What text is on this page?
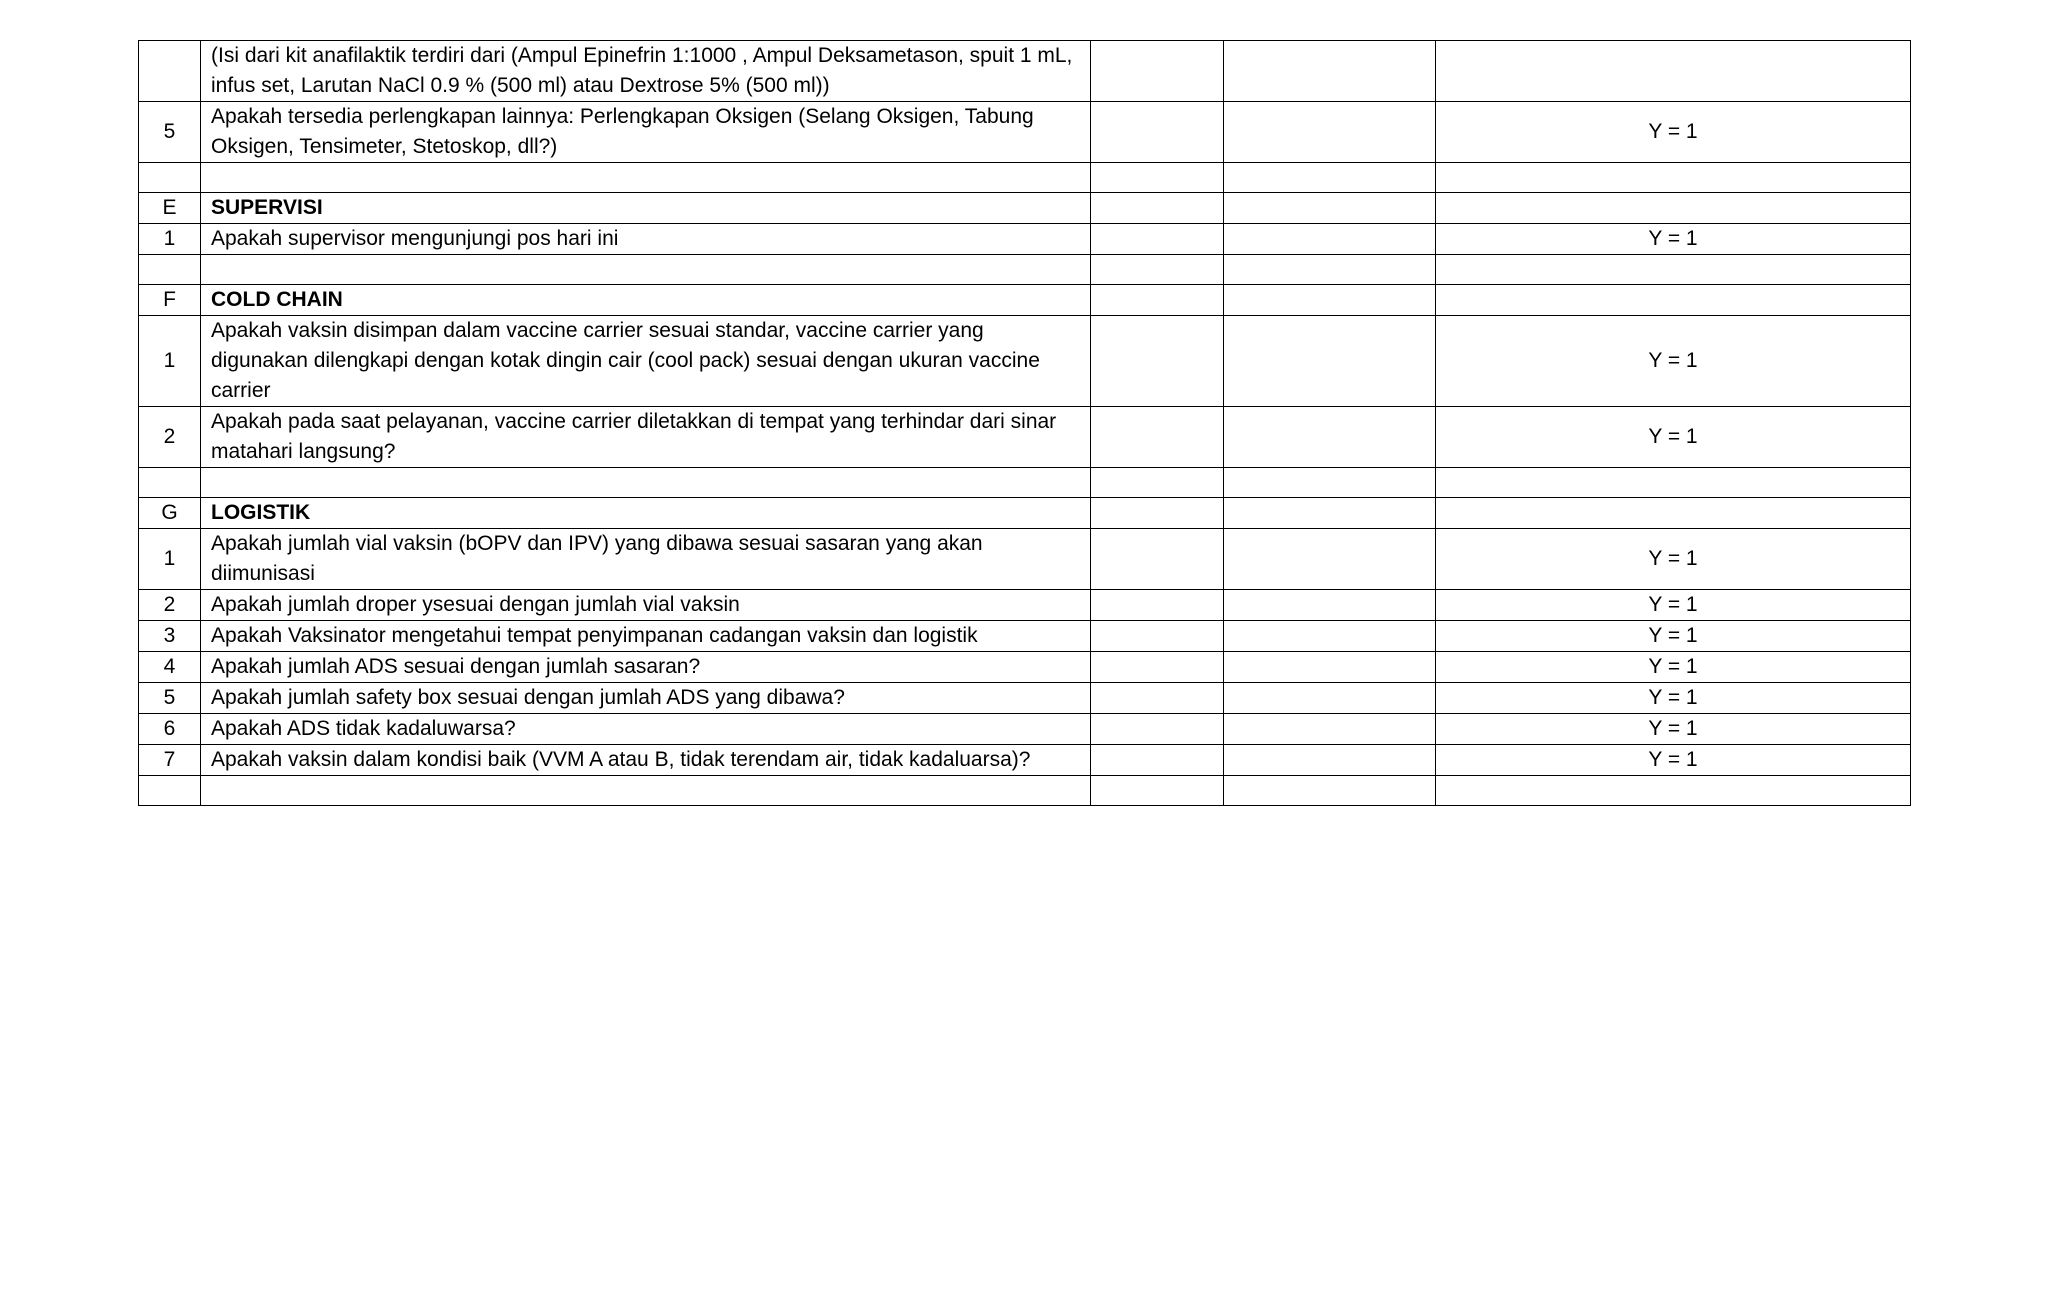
	(Isi dari kit anafilaktik terdiri dari (Ampul Epinefrin 1:1000 , Ampul Deksametason, spuit 1 mL, infus set, Larutan NaCl 0.9 % (500 ml) atau Dextrose 5% (500 ml))			
5	Apakah tersedia perlengkapan lainnya: Perlengkapan Oksigen (Selang Oksigen, Tabung Oksigen, Tensimeter, Stetoskop, dll?)			Y = 1

E	SUPERVISI			
1	Apakah supervisor mengunjungi pos hari ini			Y = 1

F	COLD CHAIN			
1	Apakah vaksin disimpan dalam vaccine carrier sesuai standar, vaccine carrier yang digunakan dilengkapi dengan kotak dingin cair (cool pack) sesuai dengan ukuran vaccine carrier			Y = 1
2	Apakah pada saat pelayanan, vaccine carrier diletakkan di tempat yang terhindar dari sinar matahari langsung?			Y = 1

G	LOGISTIK			
1	Apakah jumlah vial vaksin (bOPV dan IPV) yang dibawa sesuai sasaran yang akan diimunisasi			Y = 1
2	Apakah jumlah droper ysesuai dengan jumlah vial vaksin			Y = 1
3	Apakah Vaksinator mengetahui tempat penyimpanan cadangan vaksin dan logistik			Y = 1
4	Apakah jumlah ADS sesuai dengan jumlah sasaran?			Y = 1
5	Apakah jumlah safety box sesuai dengan jumlah ADS yang dibawa?			Y = 1
6	Apakah ADS tidak kadaluwarsa?			Y = 1
7	Apakah vaksin dalam kondisi baik (VVM A atau B, tidak terendam air, tidak kadaluarsa)?			Y = 1
